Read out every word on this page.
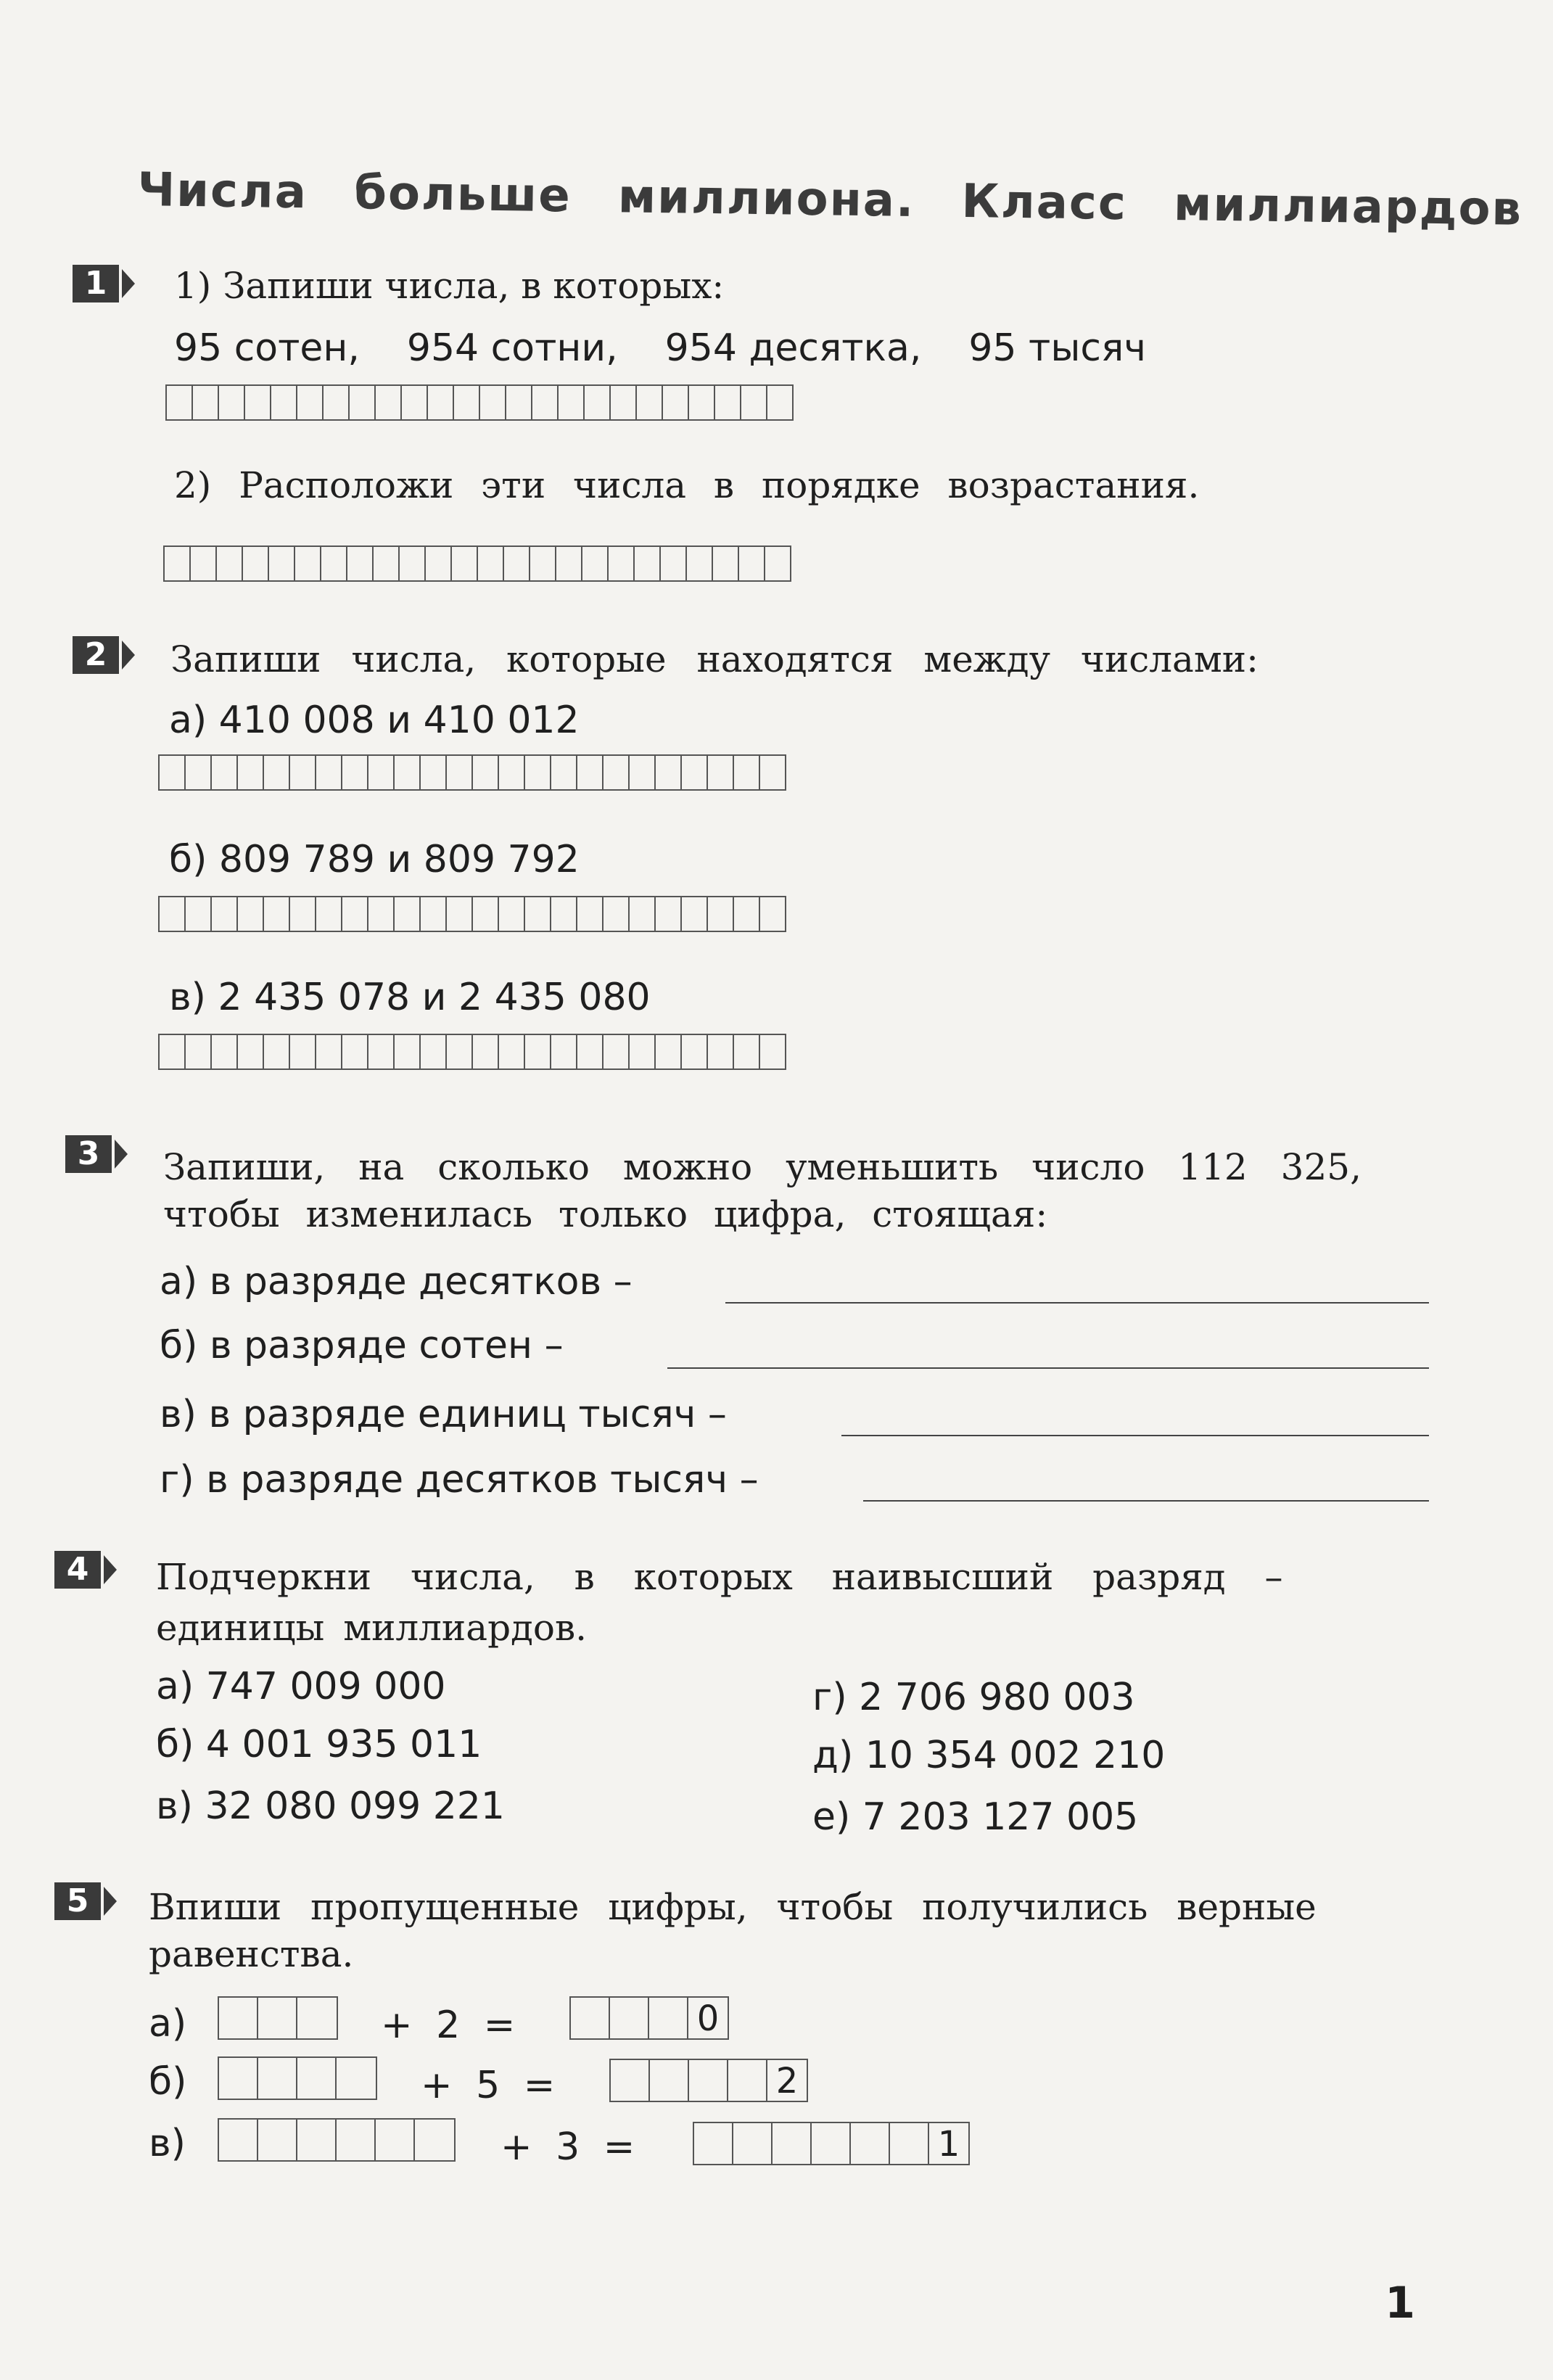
Числа больше миллиона. Класс миллиардов
1	1) Запиши числа, в которых:
95 сотен, 954 сотни, 954 десятка, 95 тысяч
2) Расположи эти числа в порядке возрастания.
2	Запиши числа, которые находятся между числами:
а) 410 008 и 410 012
б) 809 789 и 809 792
в) 2 435 078 и 2 435 080
3	Запиши, на сколько можно уменьшить число 112 325,
чтобы изменилась только цифра, стоящая:
а) в разряде десятков –
б) в разряде сотен –
в) в разряде единиц тысяч –
г) в разряде десятков тысяч –
4	Подчеркни числа, в которых наивысший разряд –
единицы миллиардов.
а) 747 009 000
б) 4 001 935 011
в) 32 080 099 221
г) 2 706 980 003
д) 10 354 002 210
е) 7 203 127 005
5	Впиши пропущенные цифры, чтобы получились верные
равенства.
а)	+ 2 =	0
б)	+ 5 =	2
в)	+ 3 =	1
1
